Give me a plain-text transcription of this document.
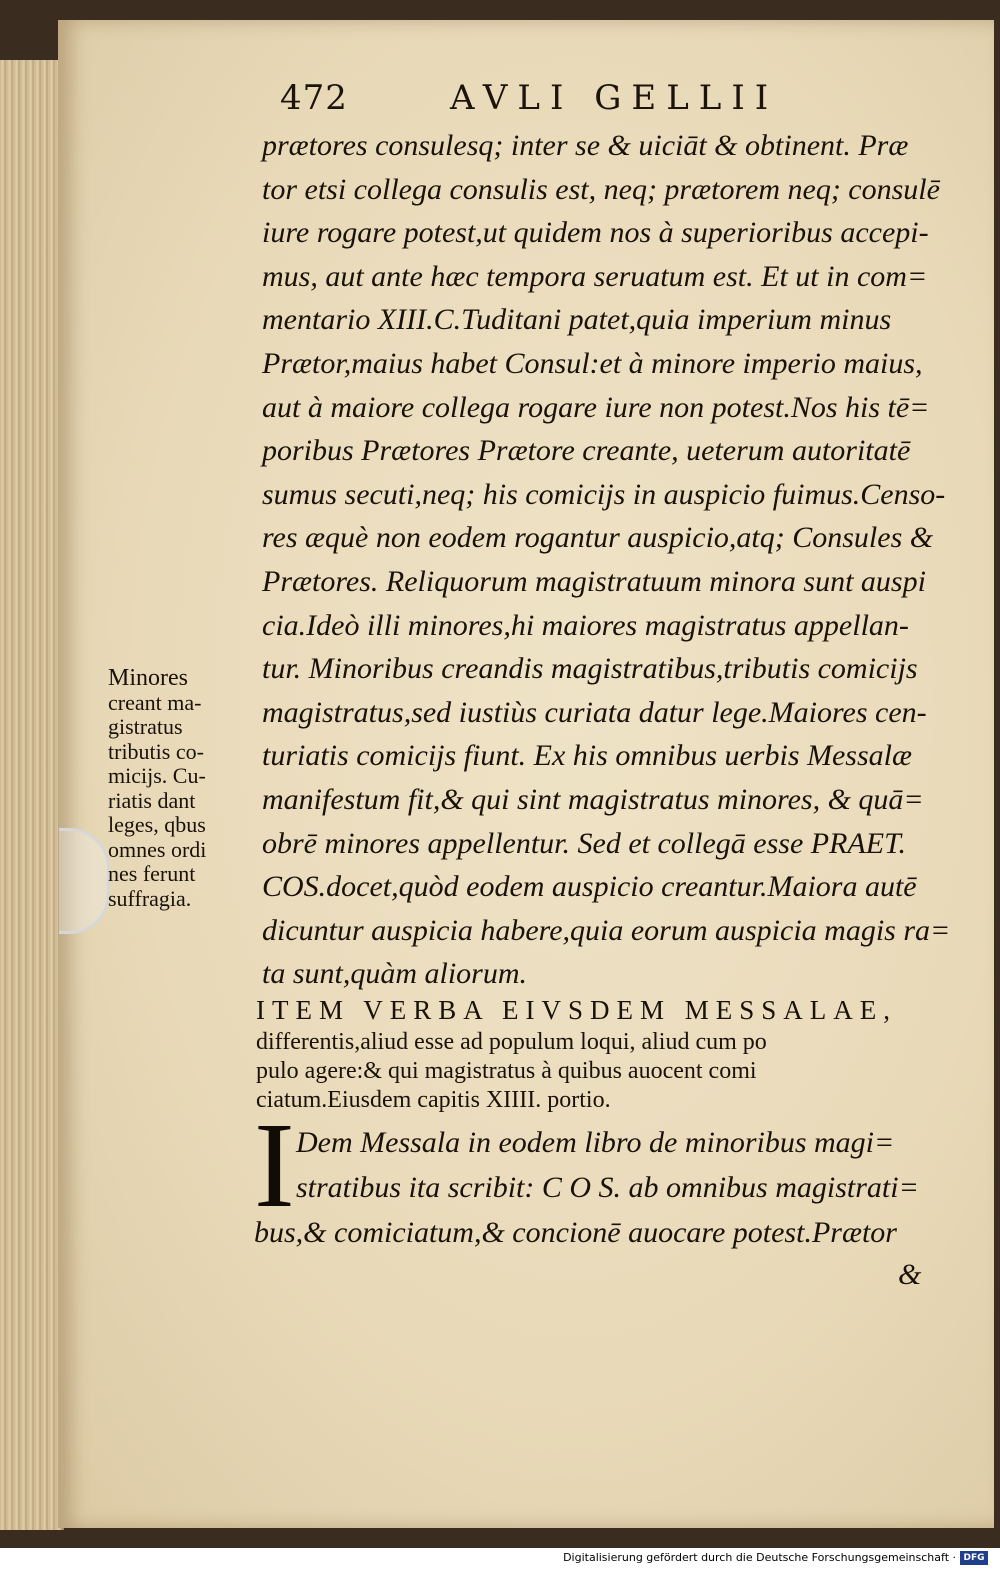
472	AVLI GELLII
prætores consulesq; inter se & uiciāt & obtinent. Præ
tor etsi collega consulis est, neq; prætorem neq; consulē
iure rogare potest,ut quidem nos à superioribus accepi-
mus, aut ante hæc tempora seruatum est. Et ut in com=
mentario XIII.C.Tuditani patet,quia imperium minus
Prætor,maius habet Consul:et à minore imperio maius,
aut à maiore collega rogare iure non potest.Nos his tē=
poribus Prætores Prætore creante, ueterum autoritatē
sumus secuti,neq; his comicijs in auspicio fuimus.Censo-
res æquè non eodem rogantur auspicio,atq; Consules &
Prætores. Reliquorum magistratuum minora sunt auspi
cia.Ideò illi minores,hi maiores magistratus appellan-
tur. Minoribus creandis magistratibus,tributis comicijs
magistratus,sed iustiùs curiata datur lege.Maiores cen-
turiatis comicijs fiunt. Ex his omnibus uerbis Messalæ
manifestum fit,& qui sint magistratus minores, & quā=
obrē minores appellentur. Sed et collegā esse PRAET.
COS.docet,quòd eodem auspicio creantur.Maiora autē
dicuntur auspicia habere,quia eorum auspicia magis ra=
ta sunt,quàm aliorum.
Minores
creant ma-
gistratus
tributis co-
micijs. Cu-
riatis dant
leges, qbus
omnes ordi
nes ferunt
suffragia.
ITEM VERBA EIVSDEM MESSALAE,
differentis,aliud esse ad populum loqui, aliud cum po
pulo agere:& qui magistratus à quibus auocent comi
ciatum.Eiusdem capitis XIIII. portio.
I Dem Messala in eodem libro de minoribus magi=
stratibus ita scribit: C O S. ab omnibus magistrati=
bus,& comiciatum,& concionē auocare potest.Prætor
&
Digitalisierung gefördert durch die Deutsche Forschungsgemeinschaft · DFG
